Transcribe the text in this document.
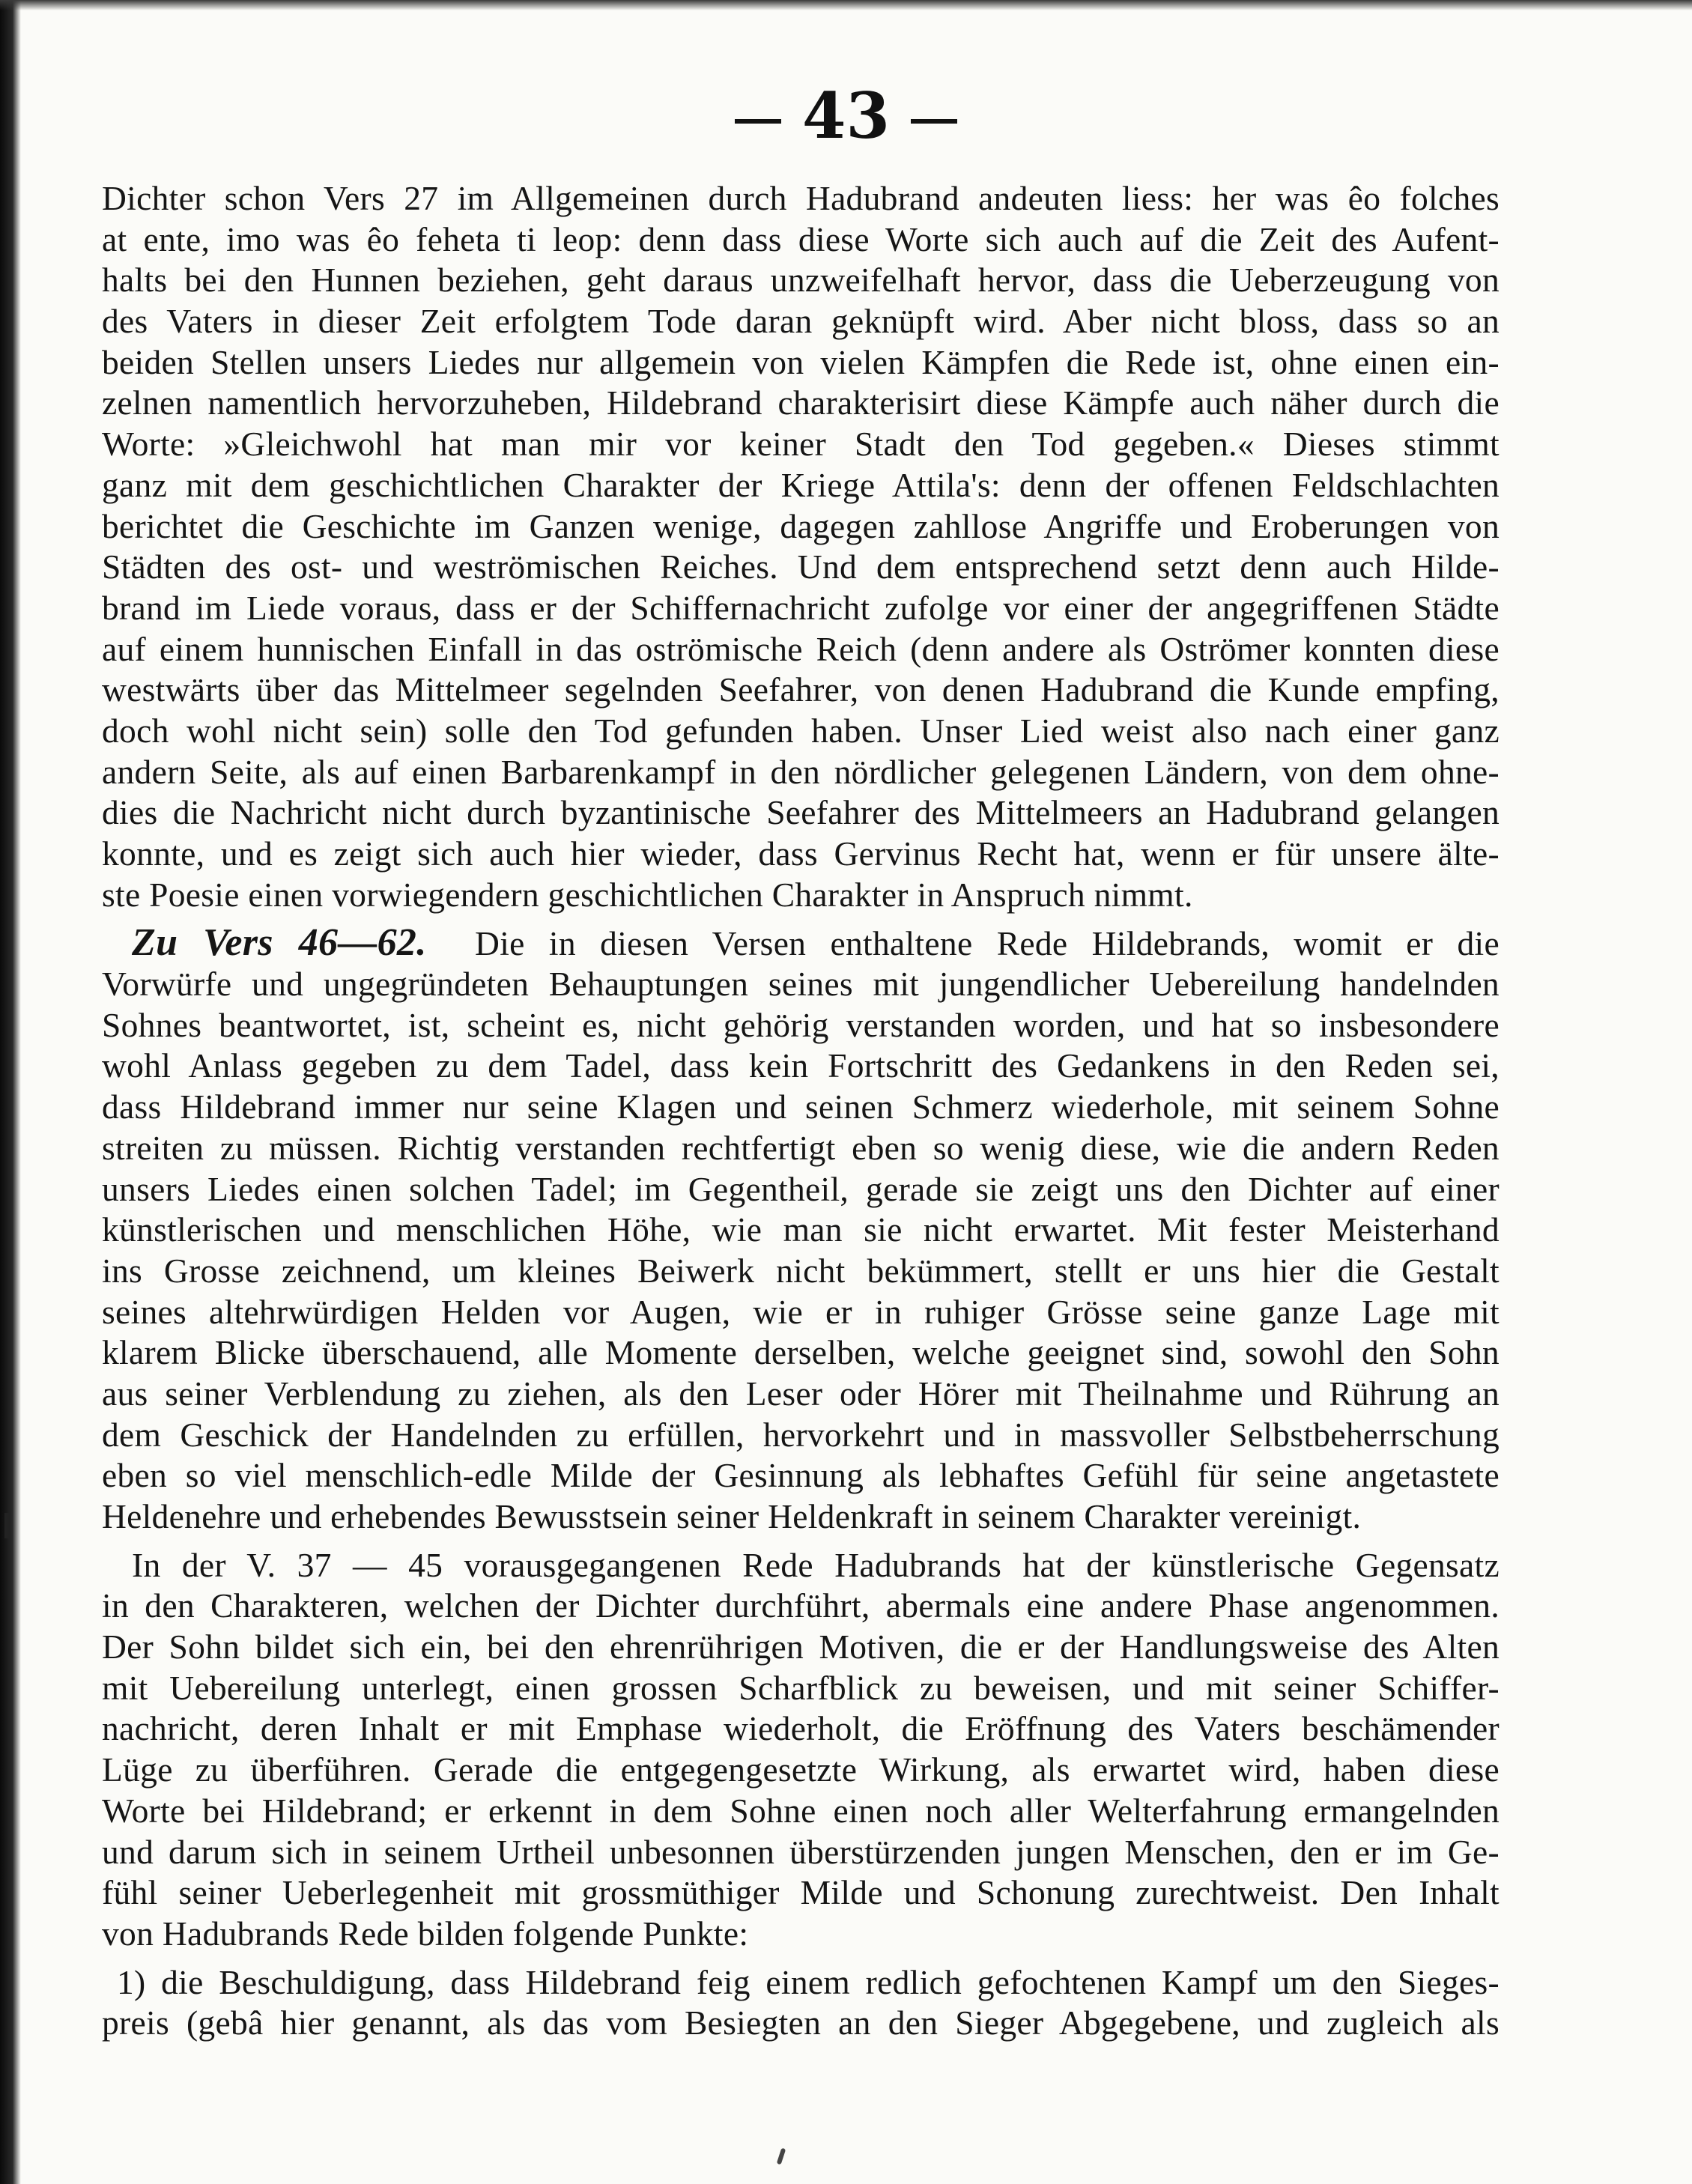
43
Dichter schon Vers 27 im Allgemeinen durch Hadubrand andeuten liess: her was êo folches
at ente, imo was êo feheta ti leop: denn dass diese Worte sich auch auf die Zeit des Aufent-
halts bei den Hunnen beziehen, geht daraus unzweifelhaft hervor, dass die Ueberzeugung von
des Vaters in dieser Zeit erfolgtem Tode daran geknüpft wird. Aber nicht bloss, dass so an
beiden Stellen unsers Liedes nur allgemein von vielen Kämpfen die Rede ist, ohne einen ein-
zelnen namentlich hervorzuheben, Hildebrand charakterisirt diese Kämpfe auch näher durch die
Worte: »Gleichwohl hat man mir vor keiner Stadt den Tod gegeben.« Dieses stimmt
ganz mit dem geschichtlichen Charakter der Kriege Attila's: denn der offenen Feldschlachten
berichtet die Geschichte im Ganzen wenige, dagegen zahllose Angriffe und Eroberungen von
Städten des ost- und weströmischen Reiches. Und dem entsprechend setzt denn auch Hilde-
brand im Liede voraus, dass er der Schiffernachricht zufolge vor einer der angegriffenen Städte
auf einem hunnischen Einfall in das oströmische Reich (denn andere als Oströmer konnten diese
westwärts über das Mittelmeer segelnden Seefahrer, von denen Hadubrand die Kunde empfing,
doch wohl nicht sein) solle den Tod gefunden haben. Unser Lied weist also nach einer ganz
andern Seite, als auf einen Barbarenkampf in den nördlicher gelegenen Ländern, von dem ohne-
dies die Nachricht nicht durch byzantinische Seefahrer des Mittelmeers an Hadubrand gelangen
konnte, und es zeigt sich auch hier wieder, dass Gervinus Recht hat, wenn er für unsere älte-
ste Poesie einen vorwiegendern geschichtlichen Charakter in Anspruch nimmt.
Zu Vers 46—62. Die in diesen Versen enthaltene Rede Hildebrands, womit er die
Vorwürfe und ungegründeten Behauptungen seines mit jungendlicher Uebereilung handelnden
Sohnes beantwortet, ist, scheint es, nicht gehörig verstanden worden, und hat so insbesondere
wohl Anlass gegeben zu dem Tadel, dass kein Fortschritt des Gedankens in den Reden sei,
dass Hildebrand immer nur seine Klagen und seinen Schmerz wiederhole, mit seinem Sohne
streiten zu müssen. Richtig verstanden rechtfertigt eben so wenig diese, wie die andern Reden
unsers Liedes einen solchen Tadel; im Gegentheil, gerade sie zeigt uns den Dichter auf einer
künstlerischen und menschlichen Höhe, wie man sie nicht erwartet. Mit fester Meisterhand
ins Grosse zeichnend, um kleines Beiwerk nicht bekümmert, stellt er uns hier die Gestalt
seines altehrwürdigen Helden vor Augen, wie er in ruhiger Grösse seine ganze Lage mit
klarem Blicke überschauend, alle Momente derselben, welche geeignet sind, sowohl den Sohn
aus seiner Verblendung zu ziehen, als den Leser oder Hörer mit Theilnahme und Rührung an
dem Geschick der Handelnden zu erfüllen, hervorkehrt und in massvoller Selbstbeherrschung
eben so viel menschlich-edle Milde der Gesinnung als lebhaftes Gefühl für seine angetastete
Heldenehre und erhebendes Bewusstsein seiner Heldenkraft in seinem Charakter vereinigt.
In der V. 37 — 45 vorausgegangenen Rede Hadubrands hat der künstlerische Gegensatz
in den Charakteren, welchen der Dichter durchführt, abermals eine andere Phase angenommen.
Der Sohn bildet sich ein, bei den ehrenrührigen Motiven, die er der Handlungsweise des Alten
mit Uebereilung unterlegt, einen grossen Scharfblick zu beweisen, und mit seiner Schiffer-
nachricht, deren Inhalt er mit Emphase wiederholt, die Eröffnung des Vaters beschämender
Lüge zu überführen. Gerade die entgegengesetzte Wirkung, als erwartet wird, haben diese
Worte bei Hildebrand; er erkennt in dem Sohne einen noch aller Welterfahrung ermangelnden
und darum sich in seinem Urtheil unbesonnen überstürzenden jungen Menschen, den er im Ge-
fühl seiner Ueberlegenheit mit grossmüthiger Milde und Schonung zurechtweist. Den Inhalt
von Hadubrands Rede bilden folgende Punkte:
1) die Beschuldigung, dass Hildebrand feig einem redlich gefochtenen Kampf um den Sieges-
preis (gebâ hier genannt, als das vom Besiegten an den Sieger Abgegebene, und zugleich als
